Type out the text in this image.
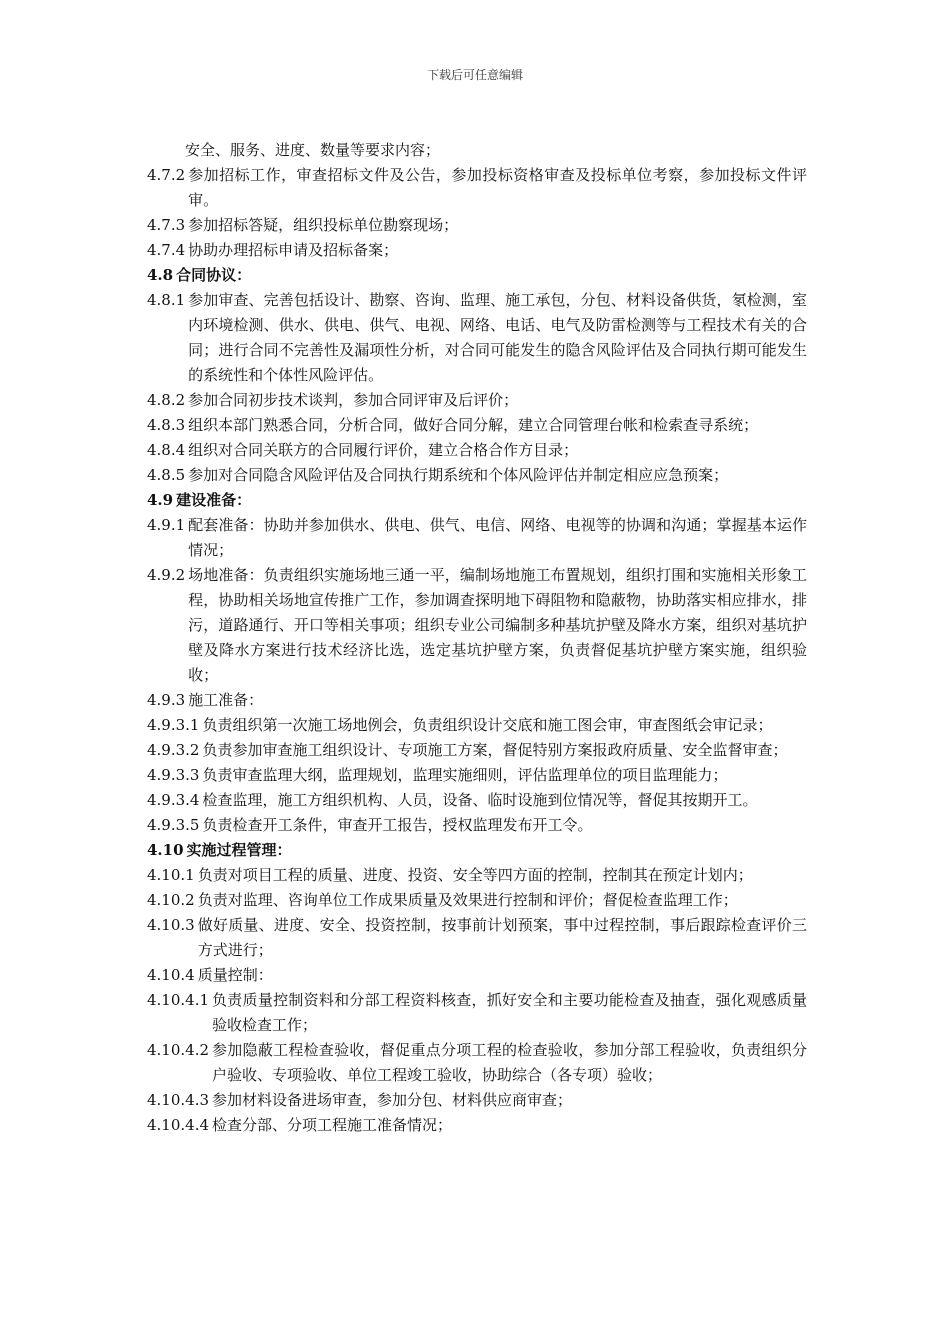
下载后可任意编辑
安全、服务、进度、数量等要求内容；
4.7.2 参加招标工作，审查招标文件及公告，参加投标资格审查及投标单位考察，参加投标文件评审。
4.7.3 参加招标答疑，组织投标单位勘察现场；
4.7.4 协助办理招标申请及招标备案；
4.8 合同协议：
4.8.1 参加审查、完善包括设计、勘察、咨询、监理、施工承包，分包、材料设备供货，氡检测，室内环境检测、供水、供电、供气、电视、网络、电话、电气及防雷检测等与工程技术有关的合同；进行合同不完善性及漏项性分析，对合同可能发生的隐含风险评估及合同执行期可能发生的系统性和个体性风险评估。
4.8.2 参加合同初步技术谈判，参加合同评审及后评价；
4.8.3 组织本部门熟悉合同，分析合同，做好合同分解，建立合同管理台帐和检索查寻系统；
4.8.4 组织对合同关联方的合同履行评价，建立合格合作方目录；
4.8.5 参加对合同隐含风险评估及合同执行期系统和个体风险评估并制定相应应急预案；
4.9 建设准备：
4.9.1 配套准备：协助并参加供水、供电、供气、电信、网络、电视等的协调和沟通；掌握基本运作情况；
4.9.2 场地准备：负责组织实施场地三通一平，编制场地施工布置规划，组织打围和实施相关形象工程，协助相关场地宣传推广工作，参加调查探明地下碍阻物和隐蔽物，协助落实相应排水，排污，道路通行、开口等相关事项；组织专业公司编制多种基坑护壁及降水方案，组织对基坑护壁及降水方案进行技术经济比选，选定基坑护壁方案，负责督促基坑护壁方案实施，组织验收；
4.9.3 施工准备：
4.9.3.1 负责组织第一次施工场地例会，负责组织设计交底和施工图会审，审查图纸会审记录；
4.9.3.2 负责参加审查施工组织设计、专项施工方案，督促特别方案报政府质量、安全监督审查；
4.9.3.3 负责审查监理大纲，监理规划，监理实施细则，评估监理单位的项目监理能力；
4.9.3.4 检查监理，施工方组织机构、人员，设备、临时设施到位情况等，督促其按期开工。
4.9.3.5 负责检查开工条件，审查开工报告，授权监理发布开工令。
4.10 实施过程管理：
4.10.1 负责对项目工程的质量、进度、投资、安全等四方面的控制，控制其在预定计划内；
4.10.2 负责对监理、咨询单位工作成果质量及效果进行控制和评价；督促检查监理工作；
4.10.3 做好质量、进度、安全、投资控制，按事前计划预案，事中过程控制，事后跟踪检查评价三方式进行；
4.10.4 质量控制：
4.10.4.1 负责质量控制资料和分部工程资料核查，抓好安全和主要功能检查及抽查，强化观感质量验收检查工作；
4.10.4.2 参加隐蔽工程检查验收，督促重点分项工程的检查验收，参加分部工程验收，负责组织分户验收、专项验收、单位工程竣工验收，协助综合（各专项）验收；
4.10.4.3 参加材料设备进场审查，参加分包、材料供应商审查；
4.10.4.4 检查分部、分项工程施工准备情况；
